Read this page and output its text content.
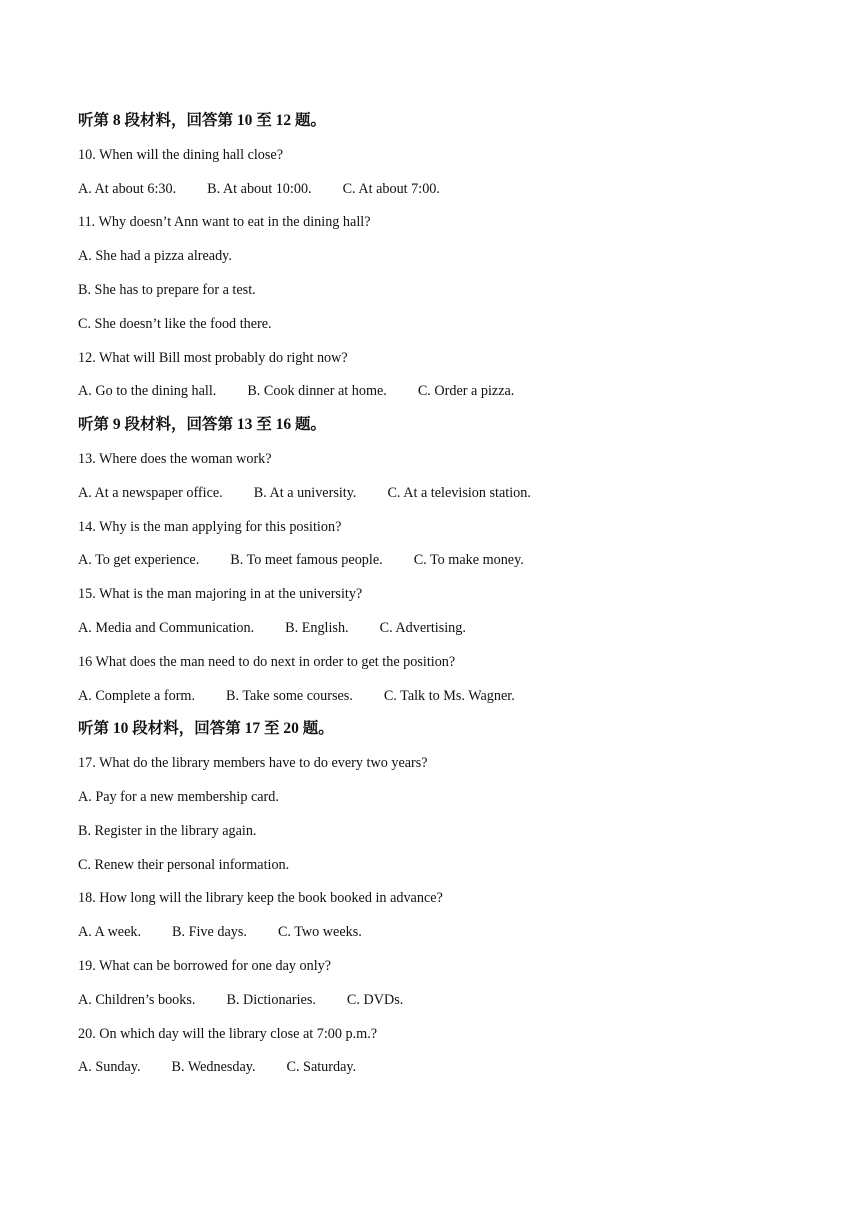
听第 8 段材料，回答第 10 至 12 题。
10. When will the dining hall close?
A. At about 6:30. B. At about 10:00. C. At about 7:00.
11. Why doesn’t Ann want to eat in the dining hall?
A. She had a pizza already.
B. She has to prepare for a test.
C. She doesn’t like the food there.
12. What will Bill most probably do right now?
A. Go to the dining hall. B. Cook dinner at home. C. Order a pizza.
听第 9 段材料，回答第 13 至 16 题。
13. Where does the woman work?
A. At a newspaper office. B. At a university. C. At a television station.
14. Why is the man applying for this position?
A. To get experience. B. To meet famous people. C. To make money.
15. What is the man majoring in at the university?
A. Media and Communication. B. English. C. Advertising.
16 What does the man need to do next in order to get the position?
A. Complete a form. B. Take some courses. C. Talk to Ms. Wagner.
听第 10 段材料，回答第 17 至 20 题。
17. What do the library members have to do every two years?
A. Pay for a new membership card.
B. Register in the library again.
C. Renew their personal information.
18. How long will the library keep the book booked in advance?
A. A week. B. Five days. C. Two weeks.
19. What can be borrowed for one day only?
A. Children’s books. B. Dictionaries. C. DVDs.
20. On which day will the library close at 7:00 p.m.?
A. Sunday. B. Wednesday. C. Saturday.
